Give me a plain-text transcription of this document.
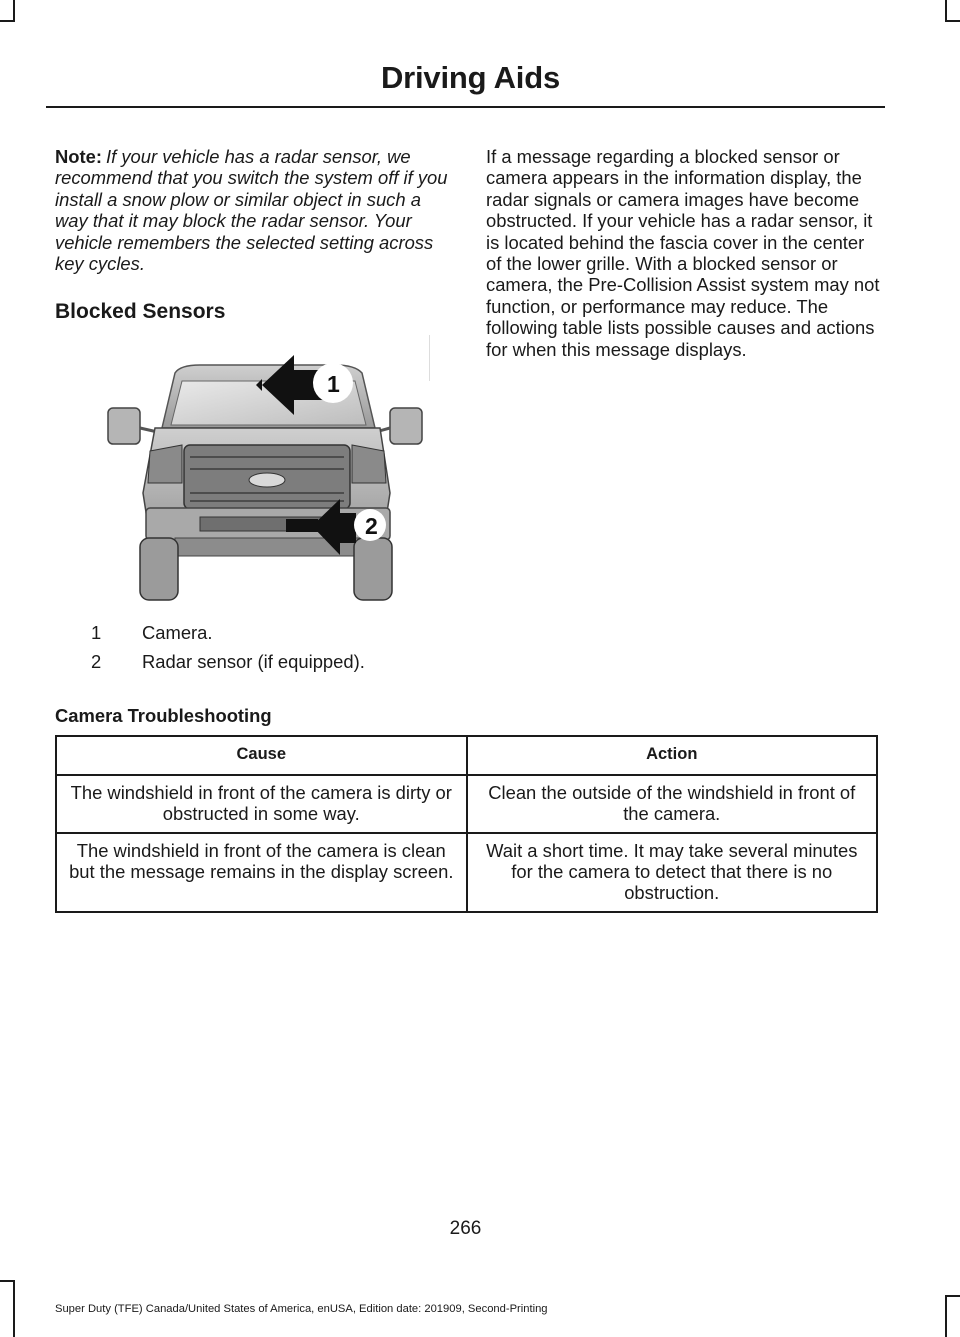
Driving Aids

Note: If your vehicle has a radar sensor, we recommend that you switch the system off if you install a snow plow or similar object in such a way that it may block the radar sensor. Your vehicle remembers the selected setting across key cycles.

Blocked Sensors

If a message regarding a blocked sensor or camera appears in the information display, the radar signals or camera images have become obstructed. If your vehicle has a radar sensor, it is located behind the fascia cover in the center of the lower grille. With a blocked sensor or camera, the Pre-Collision Assist system may not function, or performance may reduce. The following table lists possible causes and actions for when this message displays.

1
2
1	Camera.
2	Radar sensor (if equipped).
Camera Troubleshooting
Cause	Action
The windshield in front of the camera is dirty or obstructed in some way.	Clean the outside of the windshield in front of the camera.
The windshield in front of the camera is clean but the message remains in the display screen.	Wait a short time. It may take several minutes for the camera to detect that there is no obstruction.
266
Super Duty (TFE) Canada/United States of America, enUSA, Edition date: 201909, Second-Printing
